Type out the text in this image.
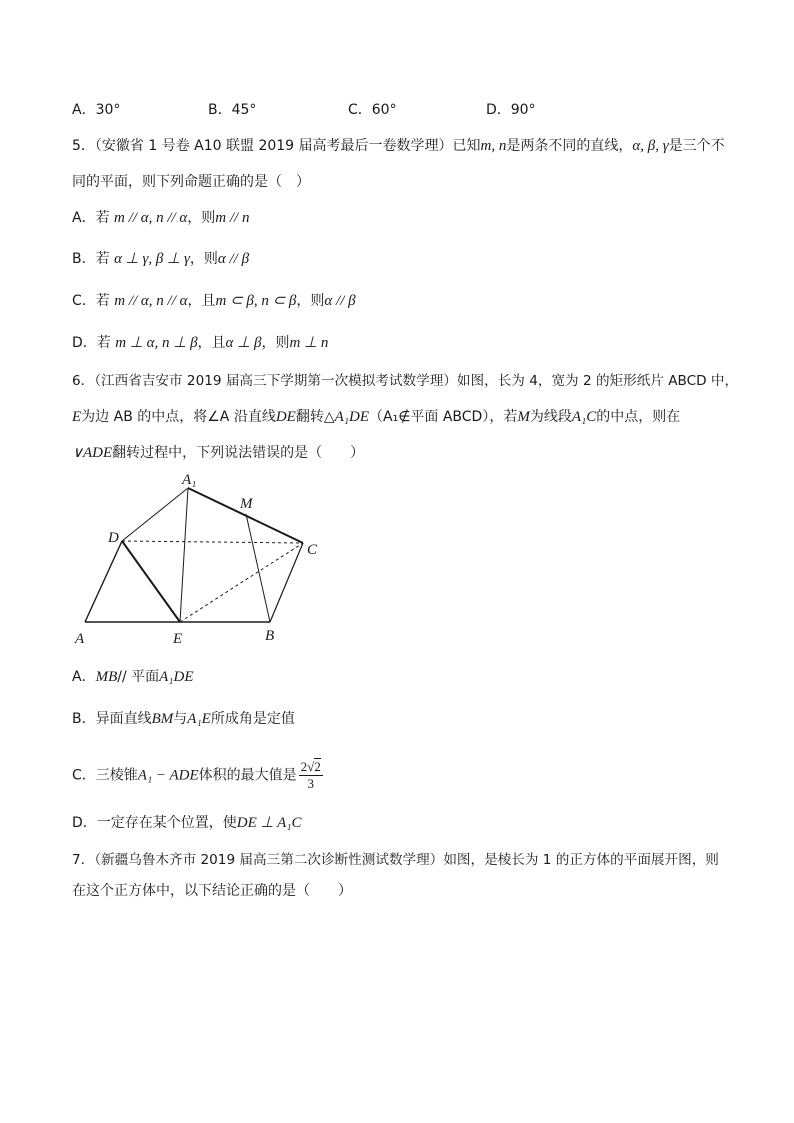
A．30°	B．45°	C．60°	D．90°
5．（安徽省 1 号卷 A10 联盟 2019 届高考最后一卷数学理）已知m, n是两条不同的直线，α, β, γ是三个不
同的平面，则下列命题正确的是（　）
A．若 m // α, n // α，则m // n
B．若 α ⊥ γ, β ⊥ γ，则α // β
C．若 m // α, n // α，且m ⊂ β, n ⊂ β，则α // β
D．若 m ⊥ α, n ⊥ β，且α ⊥ β，则m ⊥ n
6．（江西省吉安市 2019 届高三下学期第一次模拟考试数学理）如图，长为 4，宽为 2 的矩形纸片 ABCD 中，
E为边 AB 的中点，将∠A 沿直线DE翻转△A₁DE（A₁∉平面 ABCD），若M为线段A₁C的中点，则在
∨ADE翻转过程中，下列说法错误的是（　　）
A₁
M
D
C
A	E	B
A．MB// 平面A₁DE
B．异面直线BM与A₁E所成角是定值
C．三棱锥A₁ − ADE体积的最大值是 $\frac{2√2}{3}$
D．一定存在某个位置，使DE ⊥ A₁C
7．（新疆乌鲁木齐市 2019 届高三第二次诊断性测试数学理）如图，是棱长为 1 的正方体的平面展开图，则
在这个正方体中，以下结论正确的是（　　）
